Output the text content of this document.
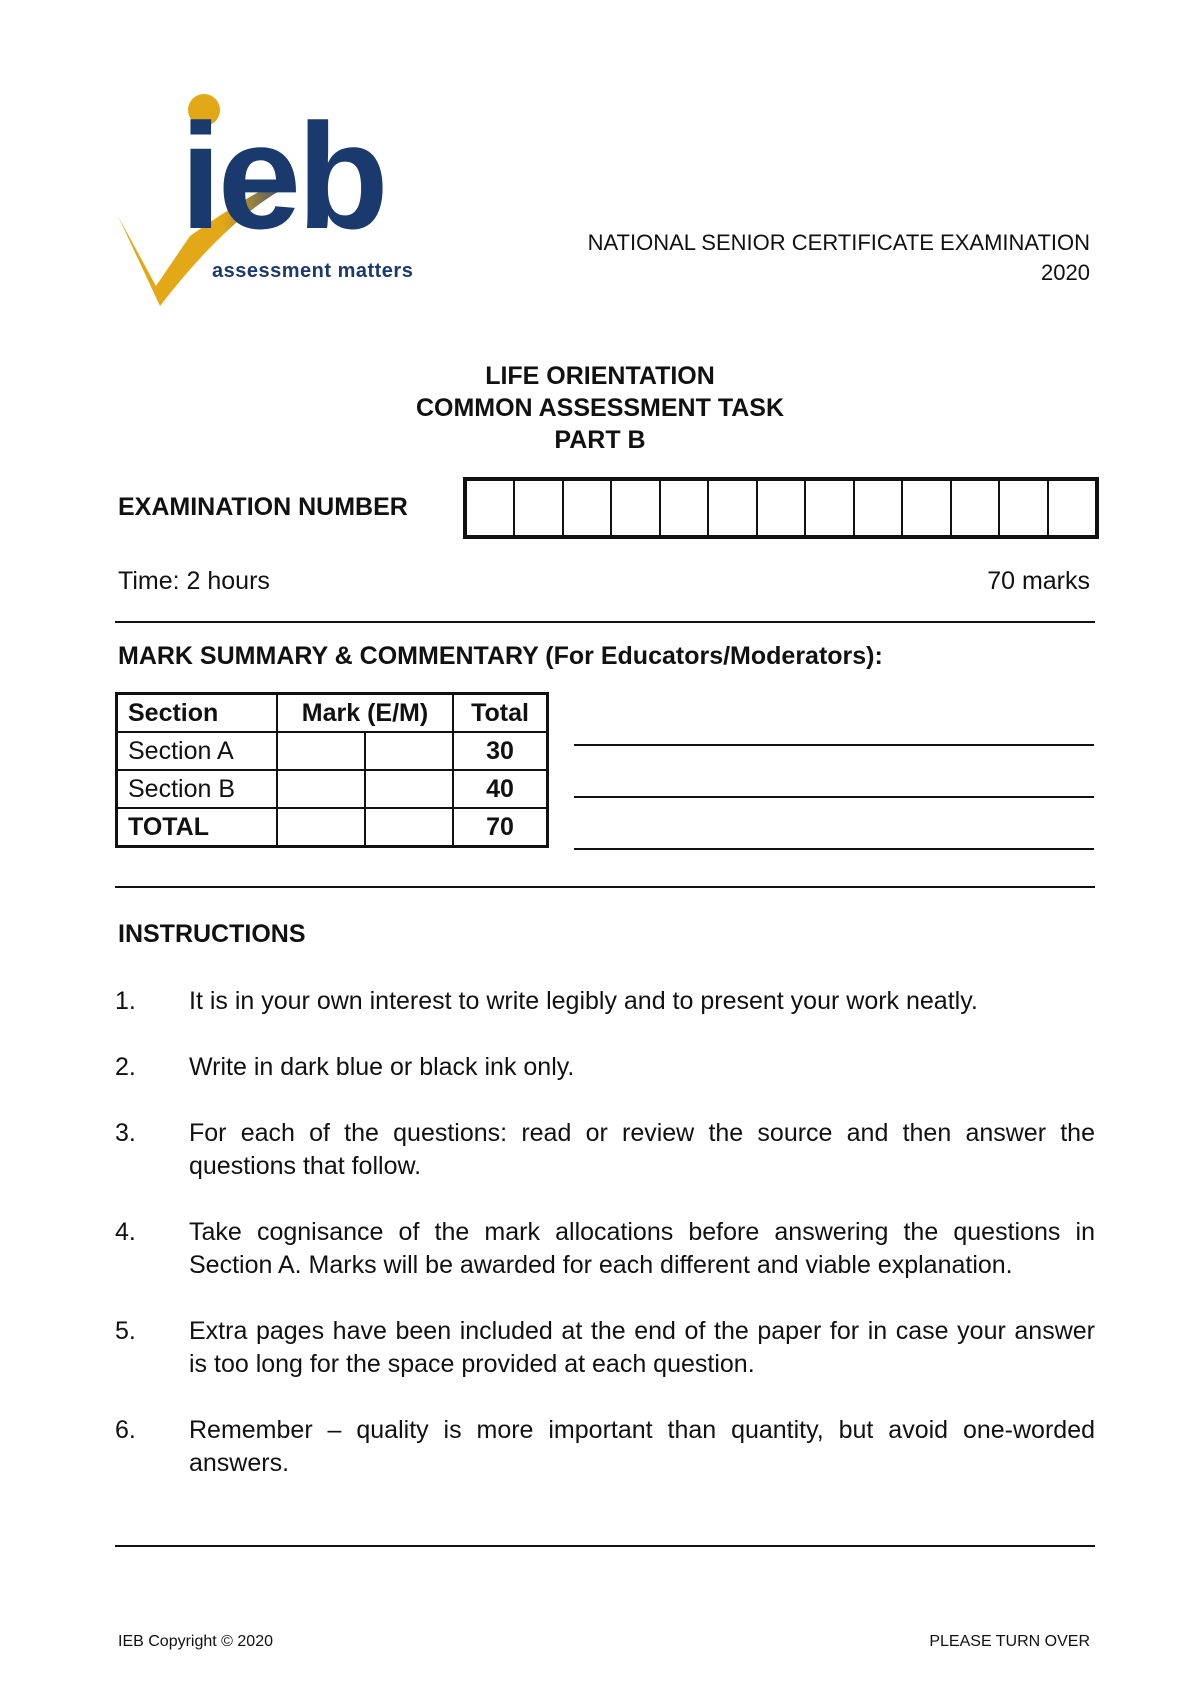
ieb
assessment matters
NATIONAL SENIOR CERTIFICATE EXAMINATION
2020
LIFE ORIENTATION
COMMON ASSESSMENT TASK
PART B
EXAMINATION NUMBER
Time: 2 hours	70 marks
MARK SUMMARY & COMMENTARY (For Educators/Moderators):
Section	Mark (E/M)		Total
Section A			30
Section B			40
TOTAL			70
INSTRUCTIONS
1.	It is in your own interest to write legibly and to present your work neatly.
2.	Write in dark blue or black ink only.
3.	For each of the questions: read or review the source and then answer the questions that follow.
4.	Take cognisance of the mark allocations before answering the questions in Section A. Marks will be awarded for each different and viable explanation.
5.	Extra pages have been included at the end of the paper for in case your answer is too long for the space provided at each question.
6.	Remember – quality is more important than quantity, but avoid one-worded answers.
IEB Copyright © 2020	PLEASE TURN OVER
